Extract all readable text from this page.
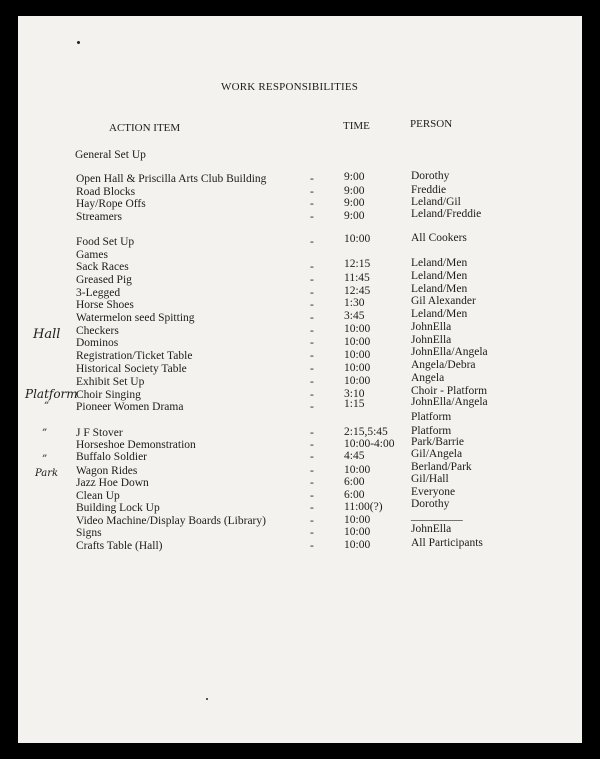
WORK RESPONSIBILITIES
ACTION ITEM	TIME	PERSON
General Set Up
Open Hall & Priscilla Arts Club Building	-	9:00	Dorothy
Road Blocks	-	9:00	Freddie
Hay/Rope Offs	-	9:00	Leland/Gil
Streamers	-	9:00	Leland/Freddie
Food Set Up	-	10:00	All Cookers
Games
Sack Races	-	12:15	Leland/Men
Greased Pig	-	11:45	Leland/Men
3-Legged	-	12:45	Leland/Men
Horse Shoes	-	1:30	Gil Alexander
Watermelon seed Spitting	-	3:45	Leland/Men
Checkers	-	10:00	JohnElla
Dominos	-	10:00	JohnElla
Registration/Ticket Table	-	10:00	JohnElla/Angela
Historical Society Table	-	10:00	Angela/Debra
Exhibit Set Up	-	10:00	Angela
Choir Singing	-	3:10	Choir - Platform
Pioneer Women Drama	-	1:15	JohnElla/Angela
Platform
J F Stover	-	2:15,5:45 Platform
Horseshoe Demonstration	-	10:00-4:00 Park/Barrie
Buffalo Soldier	-	4:45	Gil/Angela
Wagon Rides	-	10:00	Berland/Park
Jazz Hoe Down	-	6:00	Gil/Hall
Clean Up	-	6:00	Everyone
Building Lock Up	-	11:00(?) Dorothy
Video Machine/Display Boards (Library)	-	10:00	_________
Signs	-	10:00	JohnElla
Crafts Table (Hall)	-	10:00	All Participants
Hall
Platform
”
”
”
Park
